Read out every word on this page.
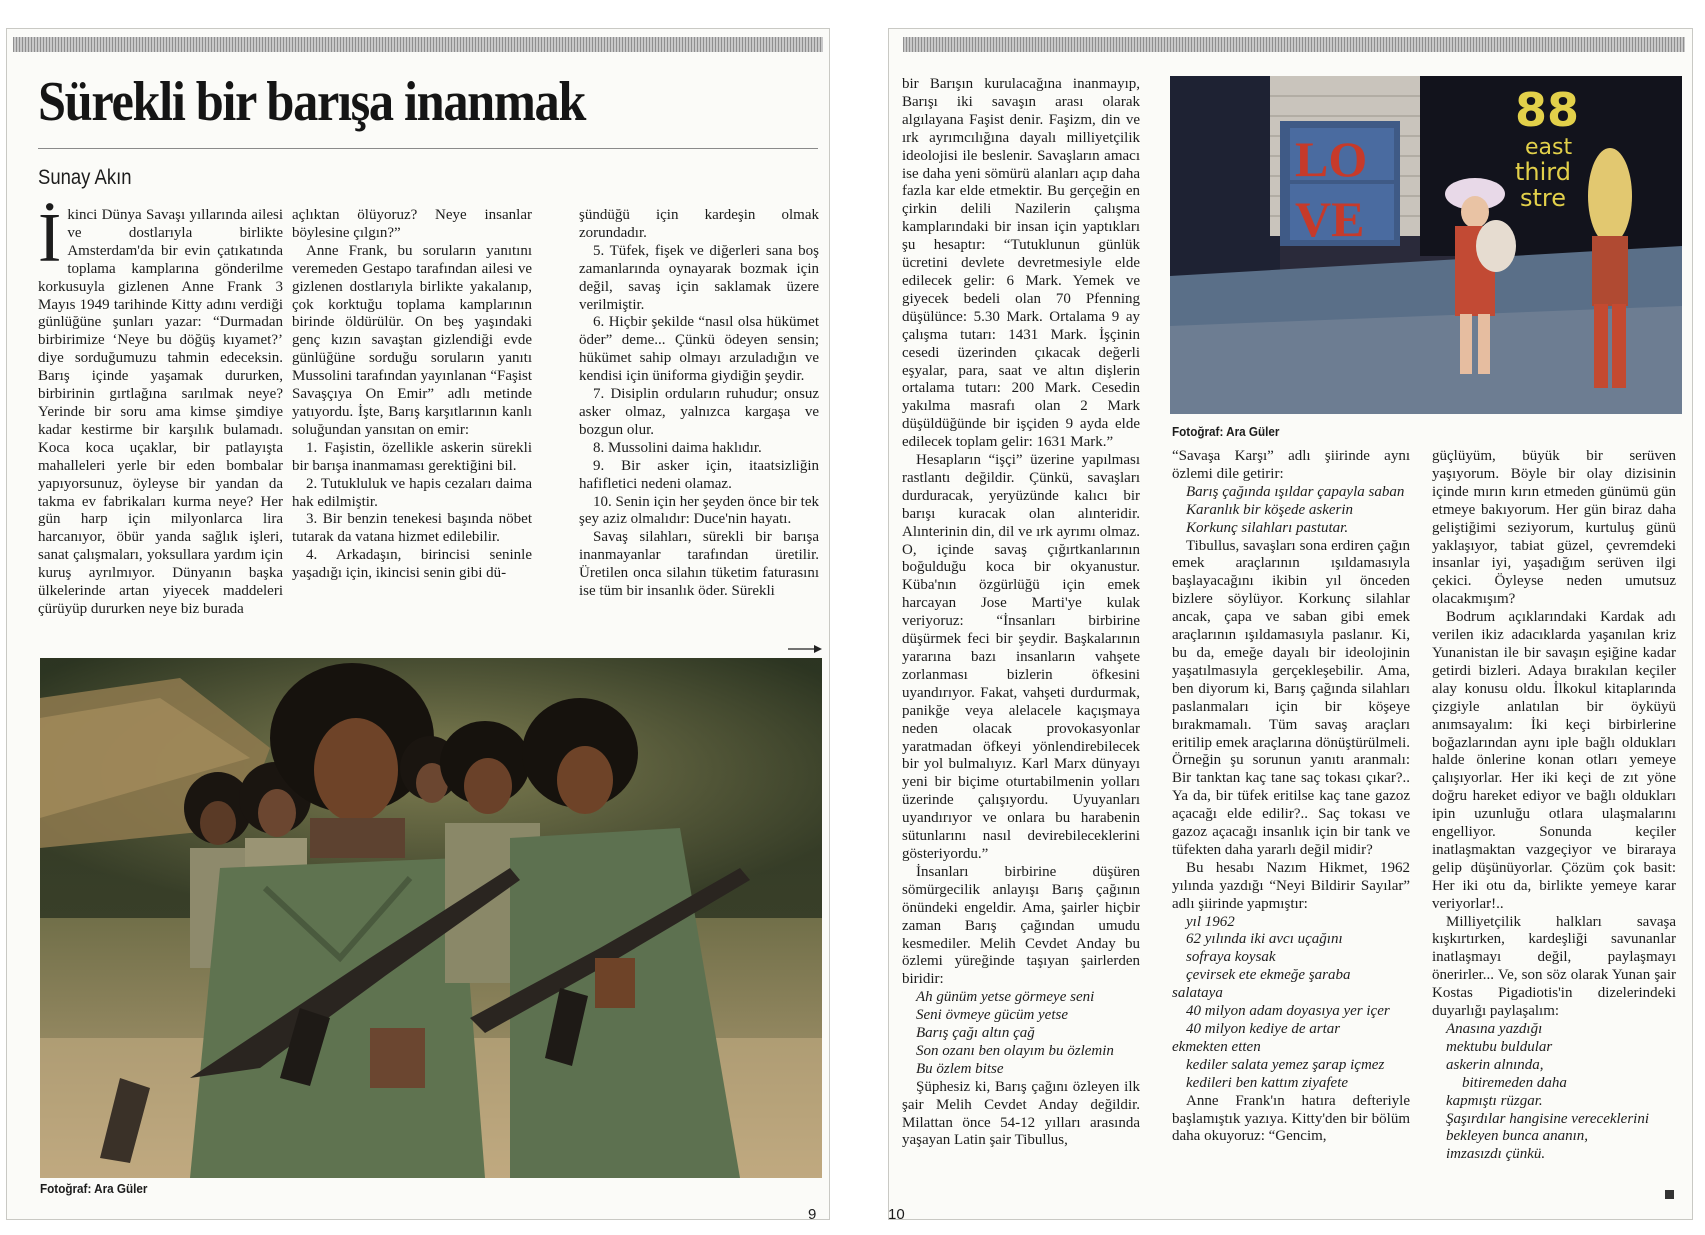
Sürekli bir barışa inanmak
Sunay Akın

İkinci Dünya Savaşı yıllarında ailesi ve dostlarıyla birlikte Amsterdam'da bir evin çatıkatında toplama kamplarına gönderilme korkusuyla gizlenen Anne Frank 3 Mayıs 1949 tarihinde Kitty adını verdiği günlüğüne şunları yazar: “Durmadan birbirimize ‘Neye bu döğüş kıyamet?’ diye sorduğumuzu tahmin edeceksin. Barış içinde yaşamak dururken, birbirinin gırtlağına sarılmak neye? Yerinde bir soru ama kimse şimdiye kadar kestirme bir karşılık bulamadı. Koca koca uçaklar, bir patlayışta mahalleleri yerle bir eden bombalar yapıyorsunuz, öyleyse bir yandan da takma ev fabrikaları kurma neye? Her gün harp için milyonlarca lira harcanıyor, öbür yanda sağlık işleri, sanat çalışmaları, yoksullara yardım için kuruş ayrılmıyor. Dünyanın başka ülkelerinde artan yiyecek maddeleri çürüyüp dururken neye biz burada

açlıktan ölüyoruz? Neye insanlar böylesine çılgın?”

Anne Frank, bu soruların yanıtını veremeden Gestapo tarafından ailesi ve gizlenen dostlarıyla birlikte yakalanıp, çok korktuğu toplama kamplarının birinde öldürülür. On beş yaşındaki genç kızın savaştan gizlendiği evde günlüğüne sorduğu soruların yanıtı Mussolini tarafından yayınlanan “Faşist Savaşçıya On Emir” adlı metinde yatıyordu. İşte, Barış karşıtlarının kanlı soluğundan yansıtan on emir:

1. Faşistin, özellikle askerin sürekli bir barışa inanmaması gerektiğini bil.

2. Tutukluluk ve hapis cezaları daima hak edilmiştir.

3. Bir benzin tenekesi başında nöbet tutarak da vatana hizmet edilebilir.

4. Arkadaşın, birincisi seninle yaşadığı için, ikincisi senin gibi dü-

şündüğü için kardeşin olmak zorundadır.

5. Tüfek, fişek ve diğerleri sana boş zamanlarında oynayarak bozmak için değil, savaş için saklamak üzere verilmiştir.

6. Hiçbir şekilde “nasıl olsa hükümet öder” deme... Çünkü ödeyen sensin; hükümet sahip olmayı arzuladığın ve kendisi için üniforma giydiğin şeydir.

7. Disiplin orduların ruhudur; onsuz asker olmaz, yalnızca kargaşa ve bozgun olur.

8. Mussolini daima haklıdır.

9. Bir asker için, itaatsizliğin hafifletici nedeni olamaz.

10. Senin için her şeyden önce bir tek şey aziz olmalıdır: Duce'nin hayatı.

Savaş silahları, sürekli bir barışa inanmayanlar tarafından üretilir. Üretilen onca silahın tüketim faturasını ise tüm bir insanlık öder. Sürekli

Fotoğraf: Ara Güler
9

bir Barışın kurulacağına inanmayıp, Barışı iki savaşın arası olarak algılayana Faşist denir. Faşizm, din ve ırk ayrımcılığına dayalı milliyetçilik ideolojisi ile beslenir. Savaşların amacı ise daha yeni sömürü alanları açıp daha fazla kar elde etmektir. Bu gerçeğin en çirkin delili Nazilerin çalışma kamplarındaki bir insan için yaptıkları şu hesaptır: “Tutuklunun günlük ücretini devlete devretmesiyle elde edilecek gelir: 6 Mark. Yemek ve giyecek bedeli olan 70 Pfenning düşülünce: 5.30 Mark. Ortalama 9 ay çalışma tutarı: 1431 Mark. İşçinin cesedi üzerinden çıkacak değerli eşyalar, para, saat ve altın dişlerin ortalama tutarı: 200 Mark. Cesedin yakılma masrafı olan 2 Mark düşüldüğünde bir işçiden 9 ayda elde edilecek toplam gelir: 1631 Mark.”

Hesapların “işçi” üzerine yapılması rastlantı değildir. Çünkü, savaşları durduracak, yeryüzünde kalıcı bir barışı kuracak olan alınteridir. Alınterinin din, dil ve ırk ayrımı olmaz. O, içinde savaş çığırtkanlarının boğulduğu koca bir okyanustur. Küba'nın özgürlüğü için emek harcayan Jose Marti'ye kulak veriyoruz: “İnsanları birbirine düşürmek feci bir şeydir. Başkalarının yararına bazı insanların vahşete zorlanması bizlerin öfkesini uyandırıyor. Fakat, vahşeti durdurmak, panikğe veya alelacele kaçışmaya neden olacak provokasyonlar yaratmadan öfkeyi yönlendirebilecek bir yol bulmalıyız. Karl Marx dünyayı yeni bir biçime oturtabilmenin yolları üzerinde çalışıyordu. Uyuyanları uyandırıyor ve onlara bu harabenin sütunlarını nasıl devirebileceklerini gösteriyordu.”

İnsanları birbirine düşüren sömürgecilik anlayışı Barış çağının önündeki engeldir. Ama, şairler hiçbir zaman Barış çağından umudu kesmediler. Melih Cevdet Anday bu özlemi yüreğinde taşıyan şairlerden biridir:

Ah günüm yetse görmeye seni

Seni övmeye gücüm yetse

Barış çağı altın çağ

Son ozanı ben olayım bu özlemin

Bu özlem bitse

Şüphesiz ki, Barış çağını özleyen ilk şair Melih Cevdet Anday değildir. Milattan önce 54-12 yılları arasında yaşayan Latin şair Tibullus,

LO
VE
88
east
third
stre
Fotoğraf: Ara Güler

“Savaşa Karşı” adlı şiirinde aynı özlemi dile getirir:

Barış çağında ışıldar çapayla saban

Karanlık bir köşede askerin

Korkunç silahları pastutar.

Tibullus, savaşları sona erdiren çağın emek araçlarının ışıldamasıyla başlayacağını ikibin yıl önceden bizlere söylüyor. Korkunç silahlar ancak, çapa ve saban gibi emek araçlarının ışıldamasıyla paslanır. Ki, bu da, emeğe dayalı bir ideolojinin yaşatılmasıyla gerçekleşebilir. Ama, ben diyorum ki, Barış çağında silahları paslanmaları için bir köşeye bırakmamalı. Tüm savaş araçları eritilip emek araçlarına dönüştürülmeli. Örneğin şu sorunun yanıtı aranmalı: Bir tanktan kaç tane saç tokası çıkar?.. Ya da, bir tüfek eritilse kaç tane gazoz açacağı elde edilir?.. Saç tokası ve gazoz açacağı insanlık için bir tank ve tüfekten daha yararlı değil midir?

Bu hesabı Nazım Hikmet, 1962 yılında yazdığı “Neyi Bildirir Sayılar” adlı şiirinde yapmıştır:

yıl 1962

62 yılında iki avcı uçağını

sofraya koysak

çevirsek ete ekmeğe şaraba

salataya

40 milyon adam doyasıya yer içer

40 milyon kediye de artar

ekmekten etten

kediler salata yemez şarap içmez

kedileri ben kattım ziyafete

Anne Frank'ın hatıra defteriyle başlamıştık yazıya. Kitty'den bir bölüm daha okuyoruz: “Gencim,

güçlüyüm, büyük bir serüven yaşıyorum. Böyle bir olay dizisinin içinde mırın kırın etmeden günümü gün etmeye bakıyorum. Her gün biraz daha geliştiğimi seziyorum, kurtuluş günü yaklaşıyor, tabiat güzel, çevremdeki insanlar iyi, yaşadığım serüven ilgi çekici. Öyleyse neden umutsuz olacakmışım?

Bodrum açıklarındaki Kardak adı verilen ikiz adacıklarda yaşanılan kriz Yunanistan ile bir savaşın eşiğine kadar getirdi bizleri. Adaya bırakılan keçiler alay konusu oldu. İlkokul kitaplarında çizgiyle anlatılan bir öyküyü anımsayalım: İki keçi birbirlerine boğazlarından aynı iple bağlı oldukları halde önlerine konan otları yemeye çalışıyorlar. Her iki keçi de zıt yöne doğru hareket ediyor ve bağlı oldukları ipin uzunluğu otlara ulaşmalarını engelliyor. Sonunda keçiler inatlaşmaktan vazgeçiyor ve biraraya gelip düşünüyorlar. Çözüm çok basit: Her iki otu da, birlikte yemeye karar veriyorlar!..

Milliyetçilik halkları savaşa kışkırtırken, kardeşliği savunanlar inatlaşmayı değil, paylaşmayı önerirler... Ve, son söz olarak Yunan şair Kostas Pigadiotis'in dizelerindeki duyarlığı paylaşalım:

Anasına yazdığı

mektubu buldular

askerin alnında,

bitiremeden daha

kapmıştı rüzgar.

Şaşırdılar hangisine vereceklerini

bekleyen bunca ananın,

imzasızdı çünkü.

10
